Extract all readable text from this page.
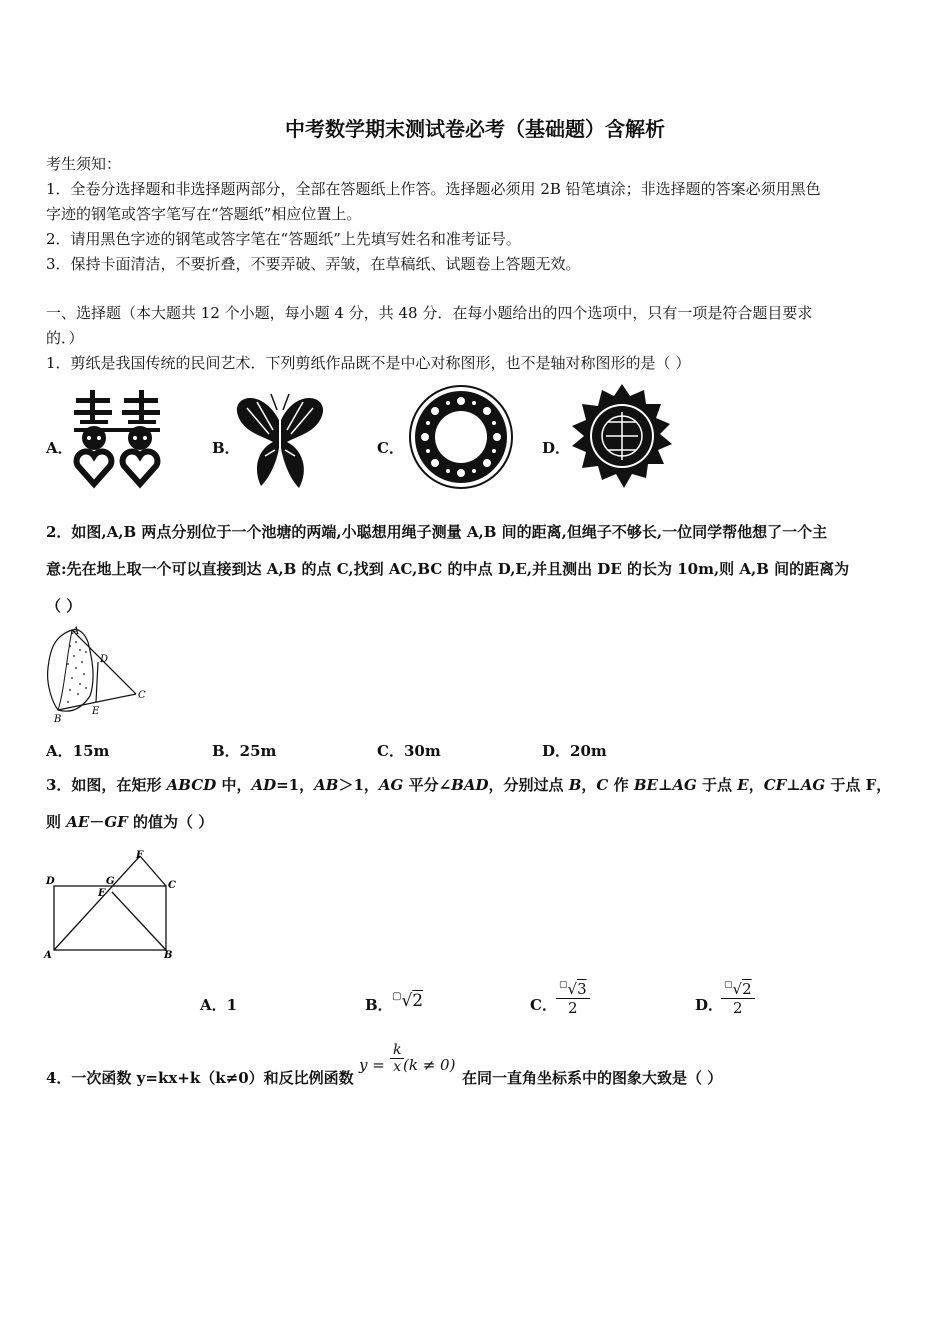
中考数学期末测试卷必考（基础题）含解析
考生须知：
1．全卷分选择题和非选择题两部分，全部在答题纸上作答。选择题必须用 2B 铅笔填涂；非选择题的答案必须用黑色
字迹的钢笔或答字笔写在“答题纸”相应位置上。
2．请用黑色字迹的钢笔或答字笔在“答题纸”上先填写姓名和准考证号。
3．保持卡面清洁，不要折叠，不要弄破、弄皱，在草稿纸、试题卷上答题无效。
一、选择题（本大题共 12 个小题，每小题 4 分，共 48 分．在每小题给出的四个选项中，只有一项是符合题目要求
的．）
1．剪纸是我国传统的民间艺术．下列剪纸作品既不是中心对称图形，也不是轴对称图形的是（ ）
A．	B．	C．	D．
2．如图,A,B 两点分别位于一个池塘的两端,小聪想用绳子测量 A,B 间的距离,但绳子不够长,一位同学帮他想了一个主
意:先在地上取一个可以直接到达 A,B 的点 C,找到 AC,BC 的中点 D,E,并且测出 DE 的长为 10m,则 A,B 间的距离为
（ ）
A
D
C
E
B
A．15m	B．25m	C．30m	D．20m
3．如图，在矩形 ABCD 中，AD=1，AB＞1，AG 平分∠BAD，分别过点 B，C 作 BE⊥AG 于点 E，CF⊥AG 于点 F，
则 AE－GF 的值为（ ）
D	G
E
F
C
A	B
A．1	B． ▢√2	C． $\frac{^▢√3}{2}$	D．
$\frac{^▢√2}{2}$
4．一次函数 y=kx+k（k≠0）和反比例函数
$y = \frac{k}{x}$
(k ≠ 0)
在同一直角坐标系中的图象大致是（ ）
